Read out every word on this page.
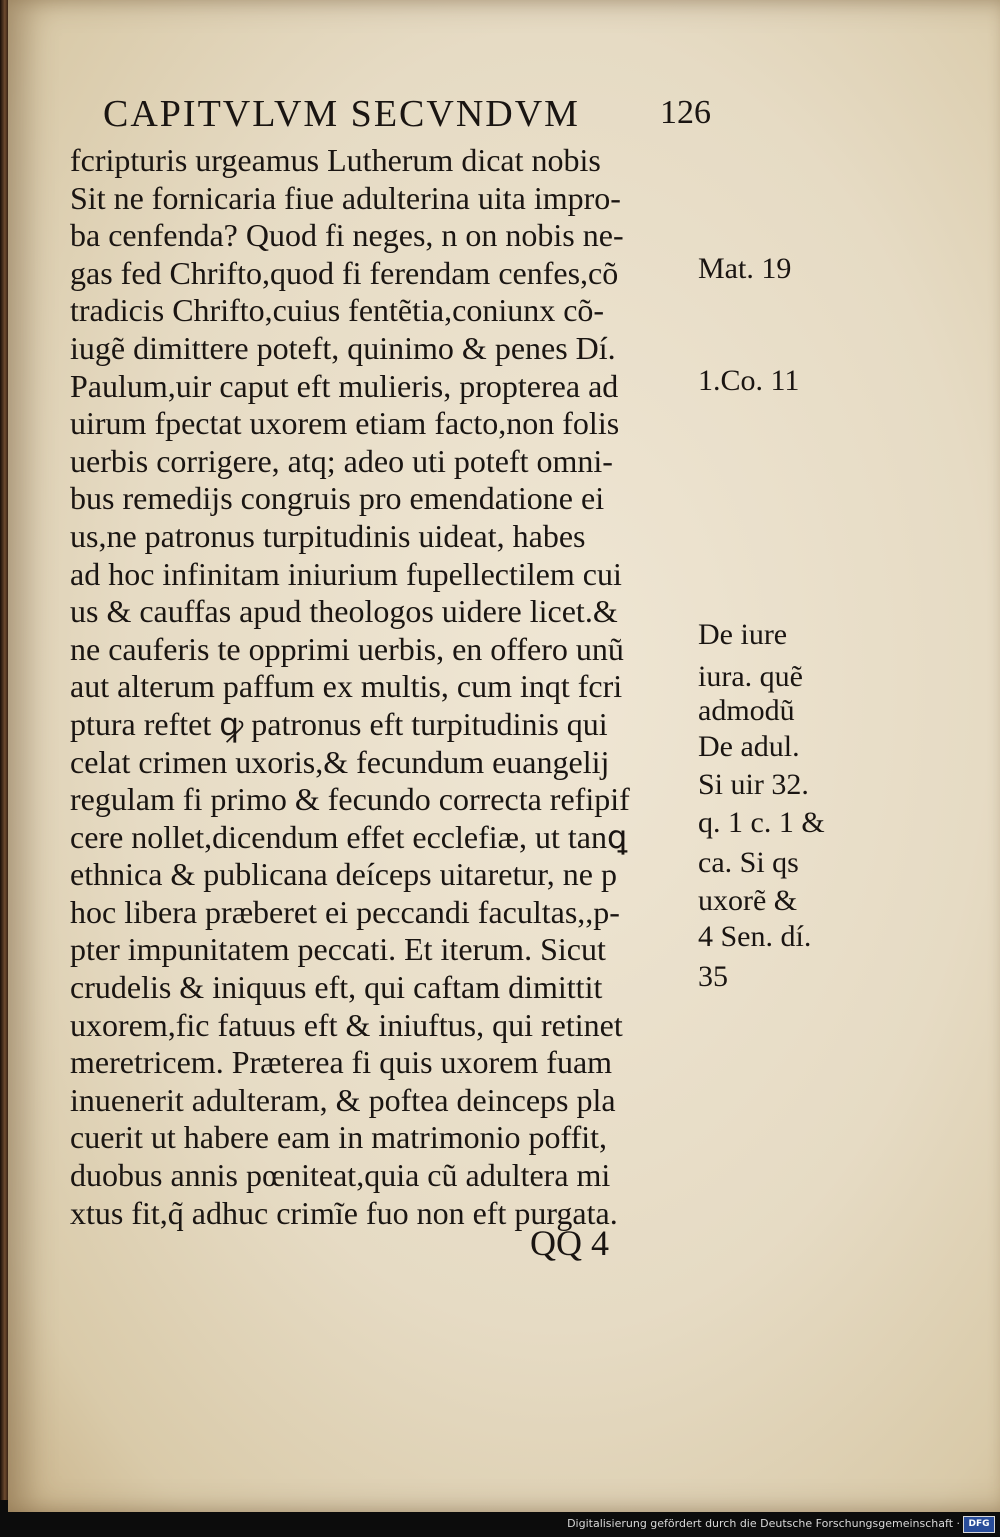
CAPITVLVM SECVNDVM 126
fcripturis urgeamus Lutherum dicat nobis
Sit ne fornicaria fiue adulterina uita impro-
ba cenfenda? Quod fi neges, n on nobis ne-
gas fed Chrifto,quod fi ferendam cenfes,cõ
tradicis Chrifto,cuius fentẽtia,coniunx cõ-
iugẽ dimittere poteft, quinimo & penes Dí.
Paulum,uir caput eft mulieris, propterea ad
uirum fpectat uxorem etiam facto,non folis
uerbis corrigere, atq; adeo uti poteft omni-
bus remedijs congruis pro emendatione ei
us,ne patronus turpitudinis uideat, habes
ad hoc infinitam iniurium fupellectilem cui
us & cauffas apud theologos uidere licet.&
ne cauferis te opprimi uerbis, en offero unũ
aut alterum paffum ex multis, cum inqt fcri
ptura reftet ꝙ patronus eft turpitudinis qui
celat crimen uxoris,& fecundum euangelij
regulam fi primo & fecundo correcta refipif
cere nollet,dicendum effet ecclefiæ, ut tanꝗ
ethnica & publicana deíceps uitaretur, ne p
hoc libera præberet ei peccandi facultas,,p-
pter impunitatem peccati. Et iterum. Sicut
crudelis & iniquus eft, qui caftam dimittit
uxorem,fic fatuus eft & iniuftus, qui retinet
meretricem. Præterea fi quis uxorem fuam
inuenerit adulteram, & poftea deinceps pla
cuerit ut habere eam in matrimonio poffit,
duobus annis pœniteat,quia cũ adultera mi
xtus fit,q̃ adhuc crimĩe fuo non eft purgata.
Mat. 19
1.Co. 11
De iure
iura. quẽ
admodũ
De adul.
Si uir 32.
q. 1 c. 1 &
ca. Si qs
uxorẽ &
4 Sen. dí.
35
QQ 4
Digitalisierung gefördert durch die Deutsche Forschungsgemeinschaft · DFG
